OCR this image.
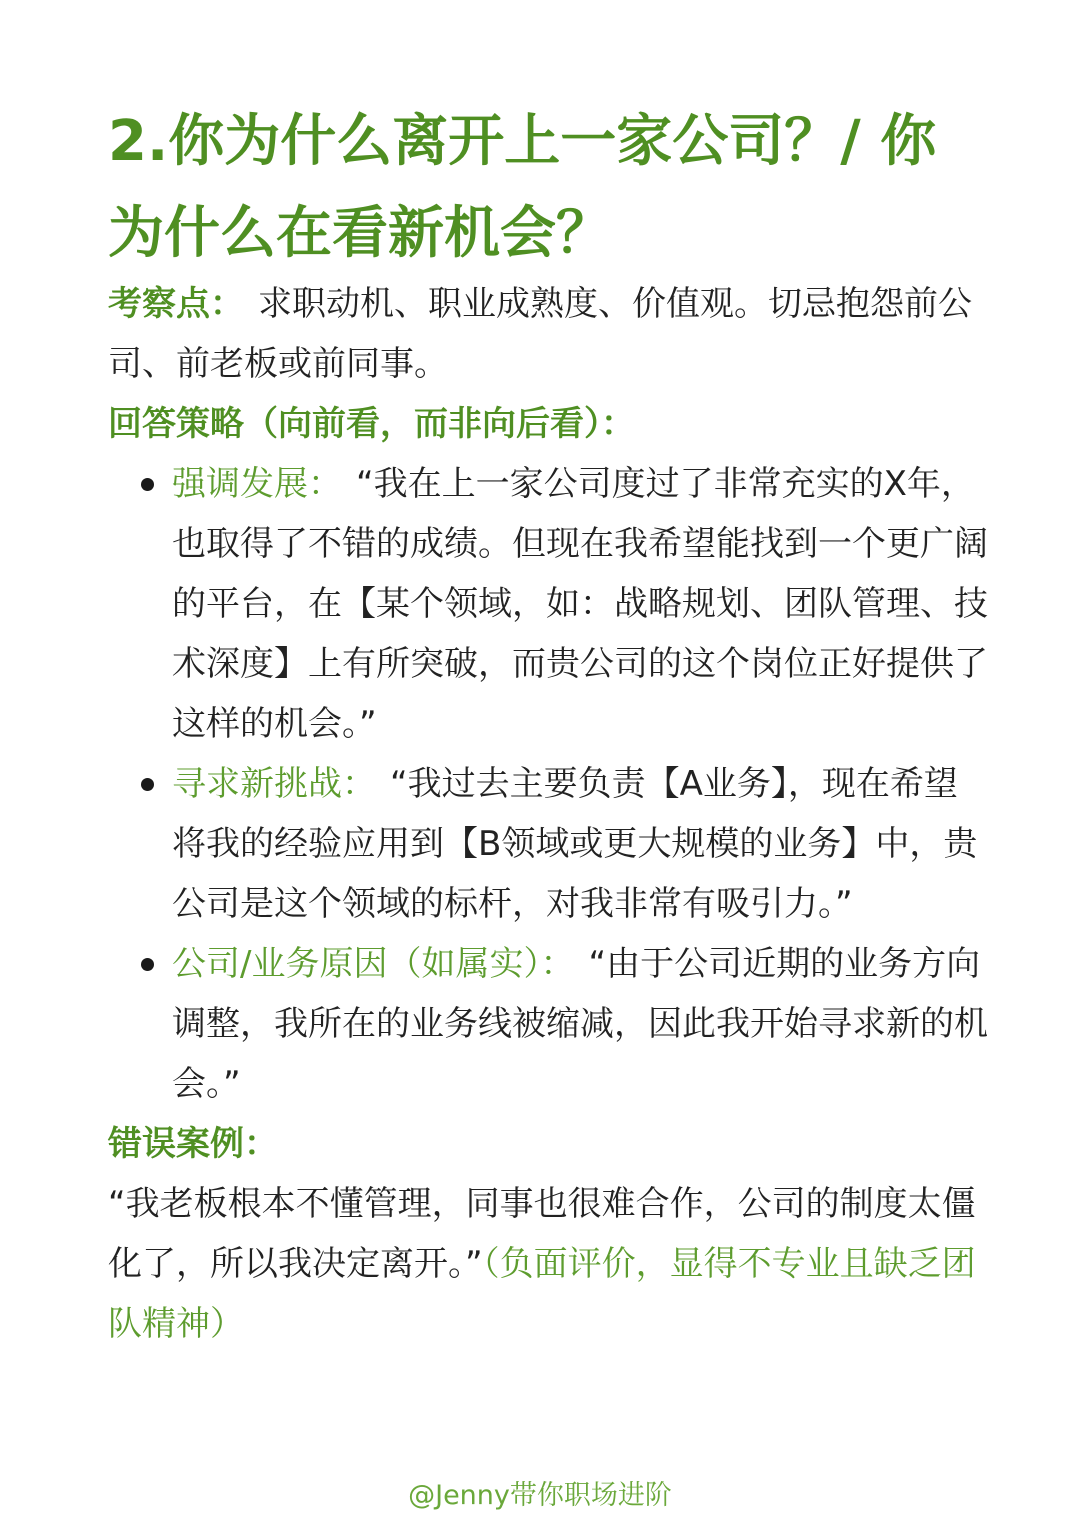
2.你为什么离开上一家公司？/ 你为什么在看新机会？

考察点： 求职动机、职业成熟度、价值观。切忌抱怨前公司、前老板或前同事。

回答策略（向前看，而非向后看）：

强调发展： “我在上一家公司度过了非常充实的X年，也取得了不错的成绩。但现在我希望能找到一个更广阔的平台，在【某个领域，如：战略规划、团队管理、技术深度】上有所突破，而贵公司的这个岗位正好提供了这样的机会。”
寻求新挑战： “我过去主要负责【A业务】，现在希望将我的经验应用到【B领域或更大规模的业务】中，贵公司是这个领域的标杆，对我非常有吸引力。”
公司/业务原因（如属实）： “由于公司近期的业务方向调整，我所在的业务线被缩减，因此我开始寻求新的机会。”

错误案例：

“我老板根本不懂管理，同事也很难合作，公司的制度太僵化了，所以我决定离开。”（负面评价，显得不专业且缺乏团队精神）

@Jenny带你职场进阶
